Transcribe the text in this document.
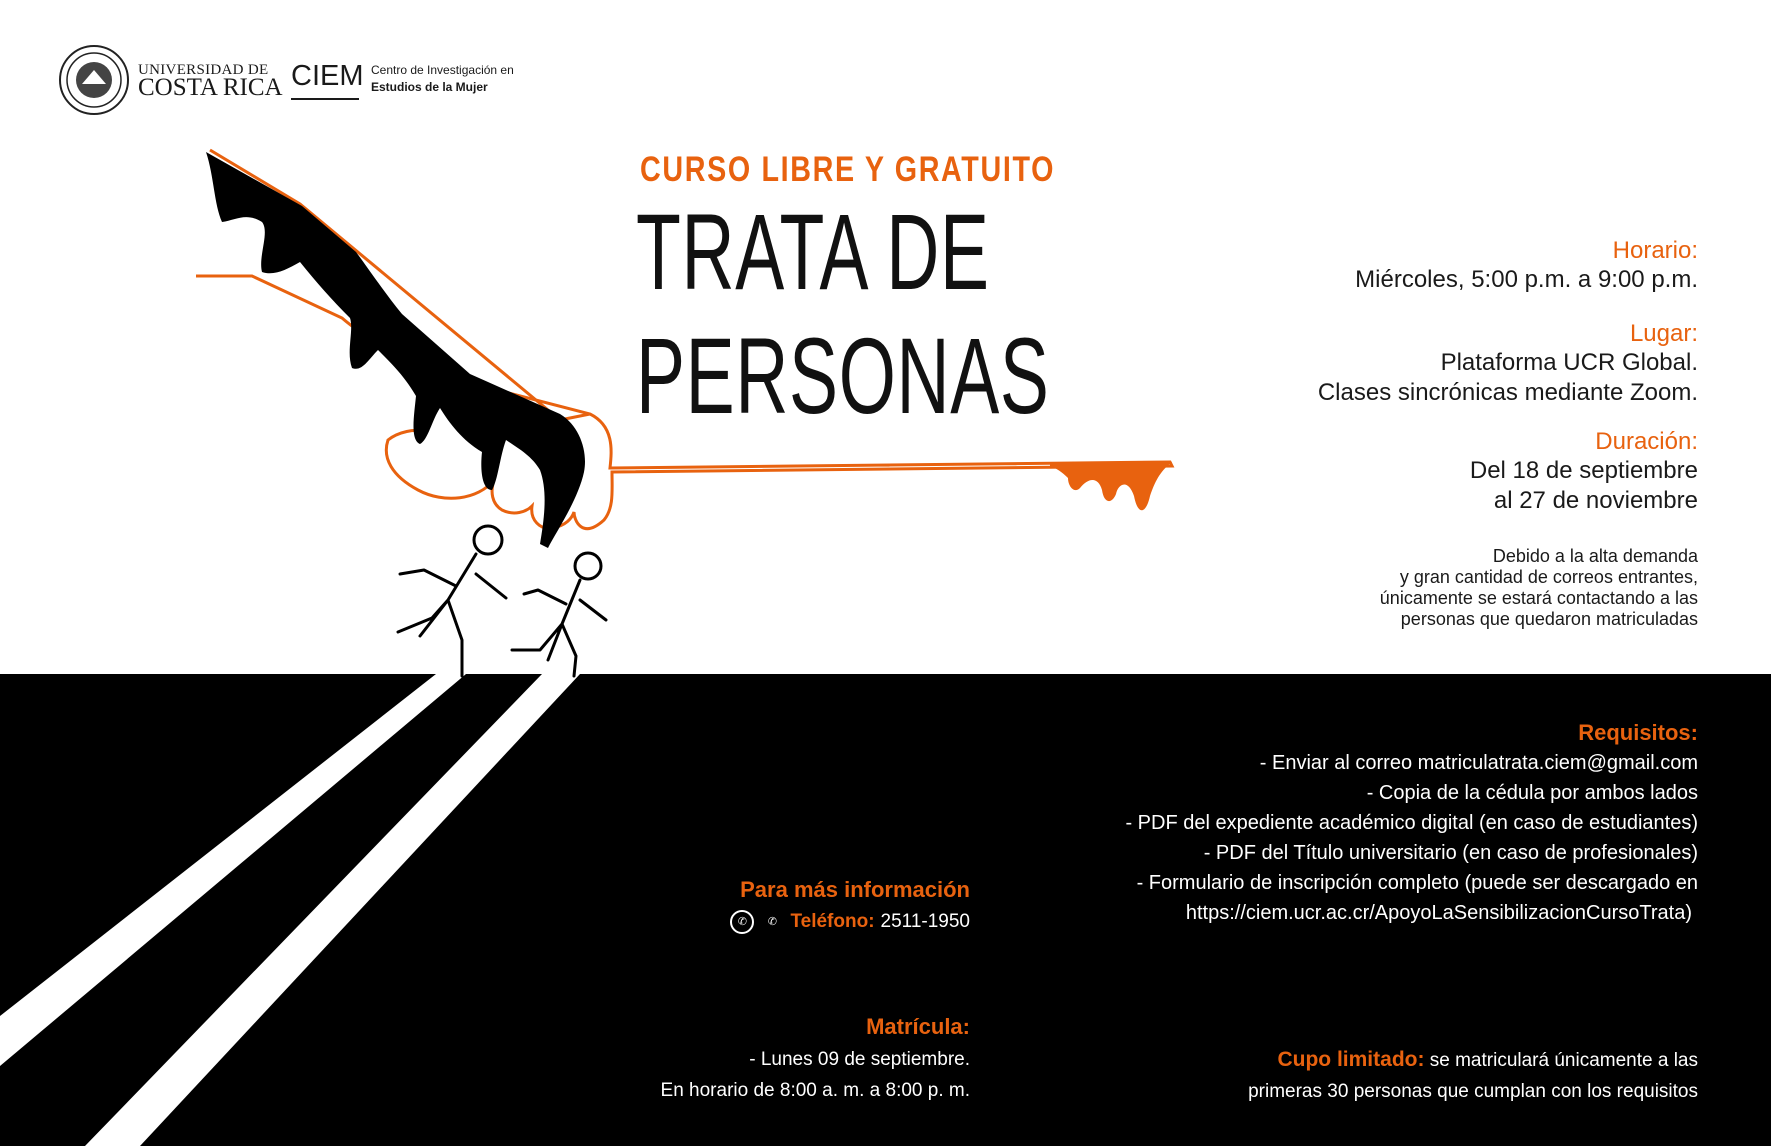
UNIVERSIDAD DE
COSTA RICA CIEM Centro de Investigación en
Estudios de la Mujer
CURSO LIBRE Y GRATUITO
TRATA DE
PERSONAS
Horario:
Miércoles, 5:00 p.m. a 9:00 p.m.
Lugar:
Plataforma UCR Global.
Clases sincrónicas mediante Zoom.
Duración:
Del 18 de septiembre
al 27 de noviembre
Debido a la alta demanda
y gran cantidad de correos entrantes,
únicamente se estará contactando a las
personas que quedaron matriculadas
Requisitos:
- Enviar al correo matriculatrata.ciem@gmail.com
- Copia de la cédula por ambos lados
- PDF del expediente académico digital (en caso de estudiantes)
- PDF del Título universitario (en caso de profesionales)
- Formulario de inscripción completo (puede ser descargado en
https://ciem.ucr.ac.cr/ApoyoLaSensibilizacionCursoTrata)
Para más información
✆	✆ Teléfono: 2511-1950
Matrícula:
- Lunes 09 de septiembre.
En horario de 8:00 a. m. a 8:00 p. m.
Cupo limitado: se matriculará únicamente a las
primeras 30 personas que cumplan con los requisitos
